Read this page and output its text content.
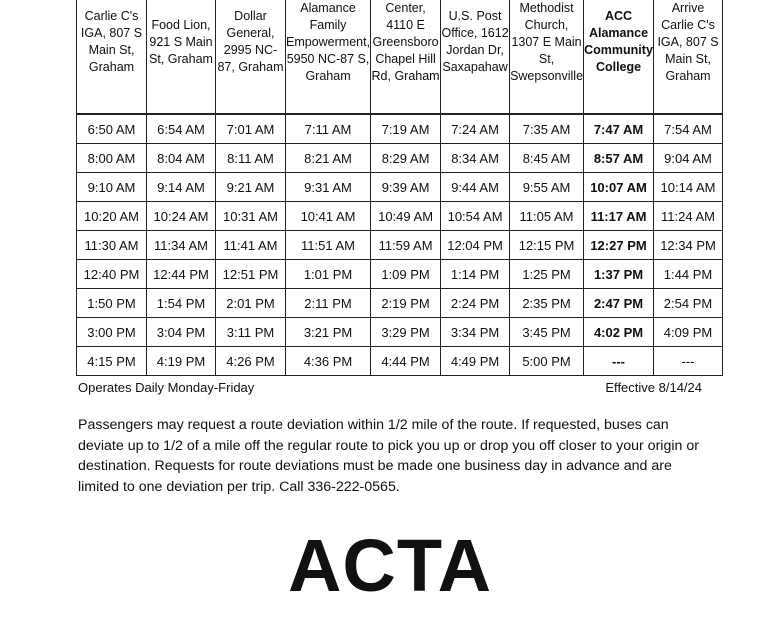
Carlie C's IGA, 807 S Main St, Graham	Food Lion, 921 S Main St, Graham	Dollar General, 2995 NC-87, Graham	Alamance Family Empowerment, 5950 NC-87 S, Graham	Center, 4110 E Greensboro Chapel Hill Rd, Graham	U.S. Post Office, 1612 Jordan Dr, Saxapahaw	Methodist Church, 1307 E Main St, Swepsonville	ACC Alamance Community College	Arrive Carlie C's IGA, 807 S Main St, Graham
6:50 AM	6:54 AM	7:01 AM	7:11 AM	7:19 AM	7:24 AM	7:35 AM	7:47 AM	7:54 AM
8:00 AM	8:04 AM	8:11 AM	8:21 AM	8:29 AM	8:34 AM	8:45 AM	8:57 AM	9:04 AM
9:10 AM	9:14 AM	9:21 AM	9:31 AM	9:39 AM	9:44 AM	9:55 AM	10:07 AM	10:14 AM
10:20 AM	10:24 AM	10:31 AM	10:41 AM	10:49 AM	10:54 AM	11:05 AM	11:17 AM	11:24 AM
11:30 AM	11:34 AM	11:41 AM	11:51 AM	11:59 AM	12:04 PM	12:15 PM	12:27 PM	12:34 PM
12:40 PM	12:44 PM	12:51 PM	1:01 PM	1:09 PM	1:14 PM	1:25 PM	1:37 PM	1:44 PM
1:50 PM	1:54 PM	2:01 PM	2:11 PM	2:19 PM	2:24 PM	2:35 PM	2:47 PM	2:54 PM
3:00 PM	3:04 PM	3:11 PM	3:21 PM	3:29 PM	3:34 PM	3:45 PM	4:02 PM	4:09 PM
4:15 PM	4:19 PM	4:26 PM	4:36 PM	4:44 PM	4:49 PM	5:00 PM	---	---
Operates Daily Monday-Friday	Effective 8/14/24

Passengers may request a route deviation within 1/2 mile of the route. If requested, buses can deviate up to 1/2 of a mile off the regular route to pick you up or drop you off closer to your origin or destination. Requests for route deviations must be made one business day in advance and are limited to one deviation per trip. Call 336-222-0565.

ACTA
